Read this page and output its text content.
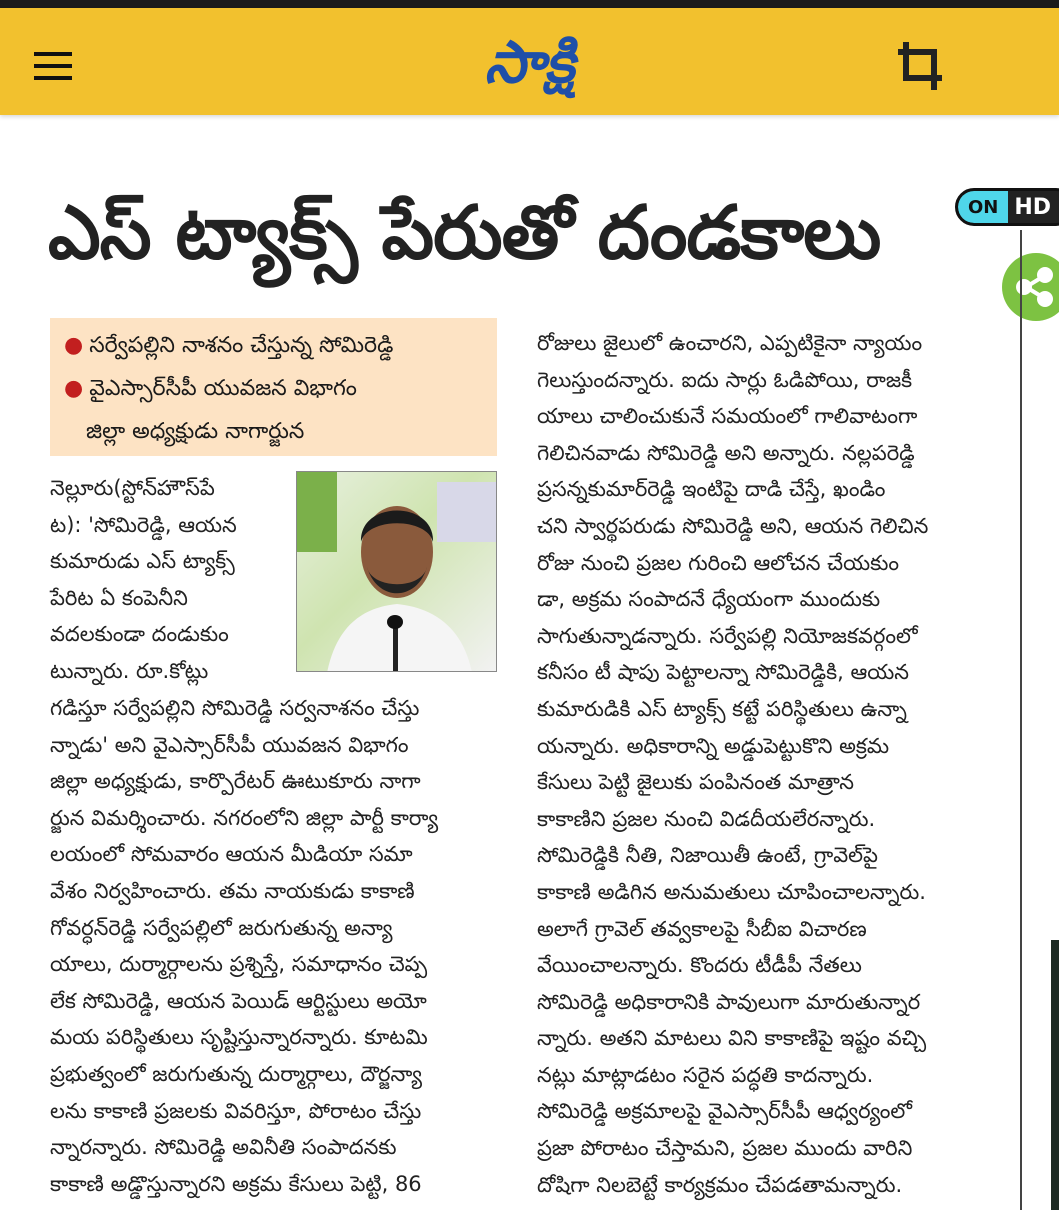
సాక్షి
ఎస్ ట్యాక్స్ పేరుతో దండకాలు	ON HD
● సర్వేపల్లిని నాశనం చేస్తున్న సోమిరెడ్డి
● వైఎస్సార్‌సీపీ యువజన విభాగం
జిల్లా అధ్యక్షుడు నాగార్జున
నెల్లూరు(స్టోన్‌హౌస్‌పే
ట): 'సోమిరెడ్డి, ఆయన
కుమారుడు ఎస్ ట్యాక్స్
పేరిట ఏ కంపెనీని
వదలకుండా దండుకుం
టున్నారు. రూ.కోట్లు
గడిస్తూ సర్వేపల్లిని సోమిరెడ్డి సర్వనాశనం చేస్తు
న్నాడు' అని వైఎస్సార్‌సీపీ యువజన విభాగం
జిల్లా అధ్యక్షుడు, కార్పొరేటర్ ఊటుకూరు నాగా
ర్జున విమర్శించారు. నగరంలోని జిల్లా పార్టీ కార్యా
లయంలో సోమవారం ఆయన మీడియా సమా
వేశం నిర్వహించారు. తమ నాయకుడు కాకాణి
గోవర్ధన్‌రెడ్డి సర్వేపల్లిలో జరుగుతున్న అన్యా
యాలు, దుర్మార్గాలను ప్రశ్నిస్తే, సమాధానం చెప్ప
లేక సోమిరెడ్డి, ఆయన పెయిడ్ ఆర్టిస్టులు అయో
మయ పరిస్థితులు సృష్టిస్తున్నారన్నారు. కూటమి
ప్రభుత్వంలో జరుగుతున్న దుర్మార్గాలు, దౌర్జన్యా
లను కాకాణి ప్రజలకు వివరిస్తూ, పోరాటం చేస్తు
న్నారన్నారు. సోమిరెడ్డి అవినీతి సంపాదనకు
కాకాణి అడ్డొస్తున్నారని అక్రమ కేసులు పెట్టి, 86
రోజులు జైలులో ఉంచారని, ఎప్పటికైనా న్యాయం
గెలుస్తుందన్నారు. ఐదు సార్లు ఓడిపోయి, రాజకీ
యాలు చాలించుకునే సమయంలో గాలివాటంగా
గెలిచినవాడు సోమిరెడ్డి అని అన్నారు. నల్లపరెడ్డి
ప్రసన్నకుమార్‌రెడ్డి ఇంటిపై దాడి చేస్తే, ఖండిం
చని స్వార్థపరుడు సోమిరెడ్డి అని, ఆయన గెలిచిన
రోజు నుంచి ప్రజల గురించి ఆలోచన చేయకుం
డా, అక్రమ సంపాదనే ధ్యేయంగా ముందుకు
సాగుతున్నాడన్నారు. సర్వేపల్లి నియోజకవర్గంలో
కనీసం టీ షాపు పెట్టాలన్నా సోమిరెడ్డికి, ఆయన
కుమారుడికి ఎస్ ట్యాక్స్ కట్టే పరిస్థితులు ఉన్నా
యన్నారు. అధికారాన్ని అడ్డుపెట్టుకొని అక్రమ
కేసులు పెట్టి జైలుకు పంపినంత మాత్రాన
కాకాణిని ప్రజల నుంచి విడదీయలేరన్నారు.
సోమిరెడ్డికి నీతి, నిజాయితీ ఉంటే, గ్రావెల్‌పై
కాకాణి అడిగిన అనుమతులు చూపించాలన్నారు.
అలాగే గ్రావెల్ తవ్వకాలపై సీబీఐ విచారణ
వేయించాలన్నారు. కొందరు టీడీపీ నేతలు
సోమిరెడ్డి అధికారానికి పావులుగా మారుతున్నార
న్నారు. అతని మాటలు విని కాకాణిపై ఇష్టం వచ్చి
నట్లు మాట్లాడటం సరైన పద్ధతి కాదన్నారు.
సోమిరెడ్డి అక్రమాలపై వైఎస్సార్‌సీపీ ఆధ్వర్యంలో
ప్రజా పోరాటం చేస్తామని, ప్రజల ముందు వారిని
దోషిగా నిలబెట్టే కార్యక్రమం చేపడతామన్నారు.
